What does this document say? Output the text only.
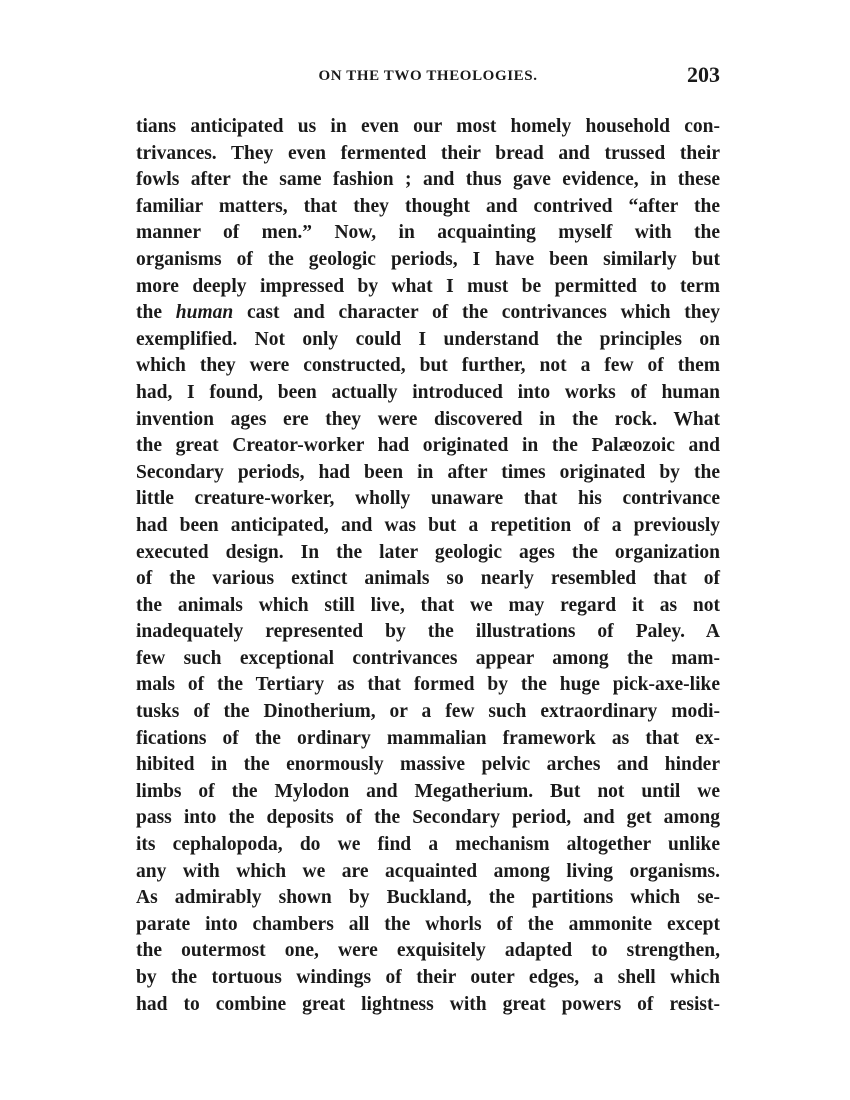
ON THE TWO THEOLOGIES.	203
tians anticipated us in even our most homely household con-
trivances. They even fermented their bread and trussed their
fowls after the same fashion ; and thus gave evidence, in these
familiar matters, that they thought and contrived “after the
manner of men.” Now, in acquainting myself with the
organisms of the geologic periods, I have been similarly but
more deeply impressed by what I must be permitted to term
the human cast and character of the contrivances which they
exemplified. Not only could I understand the principles on
which they were constructed, but further, not a few of them
had, I found, been actually introduced into works of human
invention ages ere they were discovered in the rock. What
the great Creator-worker had originated in the Palæozoic and
Secondary periods, had been in after times originated by the
little creature-worker, wholly unaware that his contrivance
had been anticipated, and was but a repetition of a previously
executed design. In the later geologic ages the organization
of the various extinct animals so nearly resembled that of
the animals which still live, that we may regard it as not
inadequately represented by the illustrations of Paley. A
few such exceptional contrivances appear among the mam-
mals of the Tertiary as that formed by the huge pick-axe-like
tusks of the Dinotherium, or a few such extraordinary modi-
fications of the ordinary mammalian framework as that ex-
hibited in the enormously massive pelvic arches and hinder
limbs of the Mylodon and Megatherium. But not until we
pass into the deposits of the Secondary period, and get among
its cephalopoda, do we find a mechanism altogether unlike
any with which we are acquainted among living organisms.
As admirably shown by Buckland, the partitions which se-
parate into chambers all the whorls of the ammonite except
the outermost one, were exquisitely adapted to strengthen,
by the tortuous windings of their outer edges, a shell which
had to combine great lightness with great powers of resist-
